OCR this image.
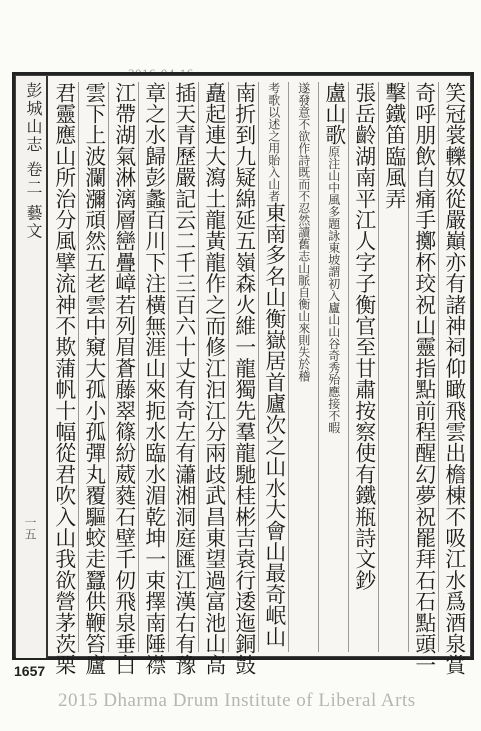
彭城山志 卷二 藝文
一五	笑冠裳轢奴從嚴巔亦有諸神祠仰瞰飛雲出檐棟不吸江水爲酒泉賞
奇呼朋飲自痛手擲杯珓祝山靈指點前程醒幻夢祝罷拜石石點頭一
擊鐵笛臨風弄
張岳齡湖南平江人字子衡官至甘肅按察使有鐵瓶詩文鈔
盧山歌原注山中風多題詠東坡謂初入廬山山谷奇秀殆應接不暇
遂發意不欲作詩既而不忍然讀舊志山脈自衡山來則失於稽
考歌以述之用貽入山者東南多名山衡嶽居首廬次之山水大會山最奇岷山
南折到九疑綿延五嶺森火維一龍獨先羣龍馳桂彬吉袁行逶迤銅鼓
矗起連大瀉土龍黃龍作之而修江汩江分兩歧武昌東望過富池山高
插天青歷嚴記云二千三百六十丈有奇左有瀟湘洞庭匯江漢右有豫
章之水歸彭蠡百川下注橫無涯山來扼水臨水湄乾坤一束擇南陲襟
江帶湖氣淋漓層巒疊嶂若列眉蒼藤翠篠紛葳蕤石壁千仞飛泉垂白
雲下上波瀾瀰頑然五老雲中窺大孤小孤彈丸覆驅蛟走蠶供鞭笞廬
君靈應山所治分風擘流神不欺蒲帆十幅從君吹入山我欲營茅茨栗
1657
2015 Dharma Drum Institute of Liberal Arts
